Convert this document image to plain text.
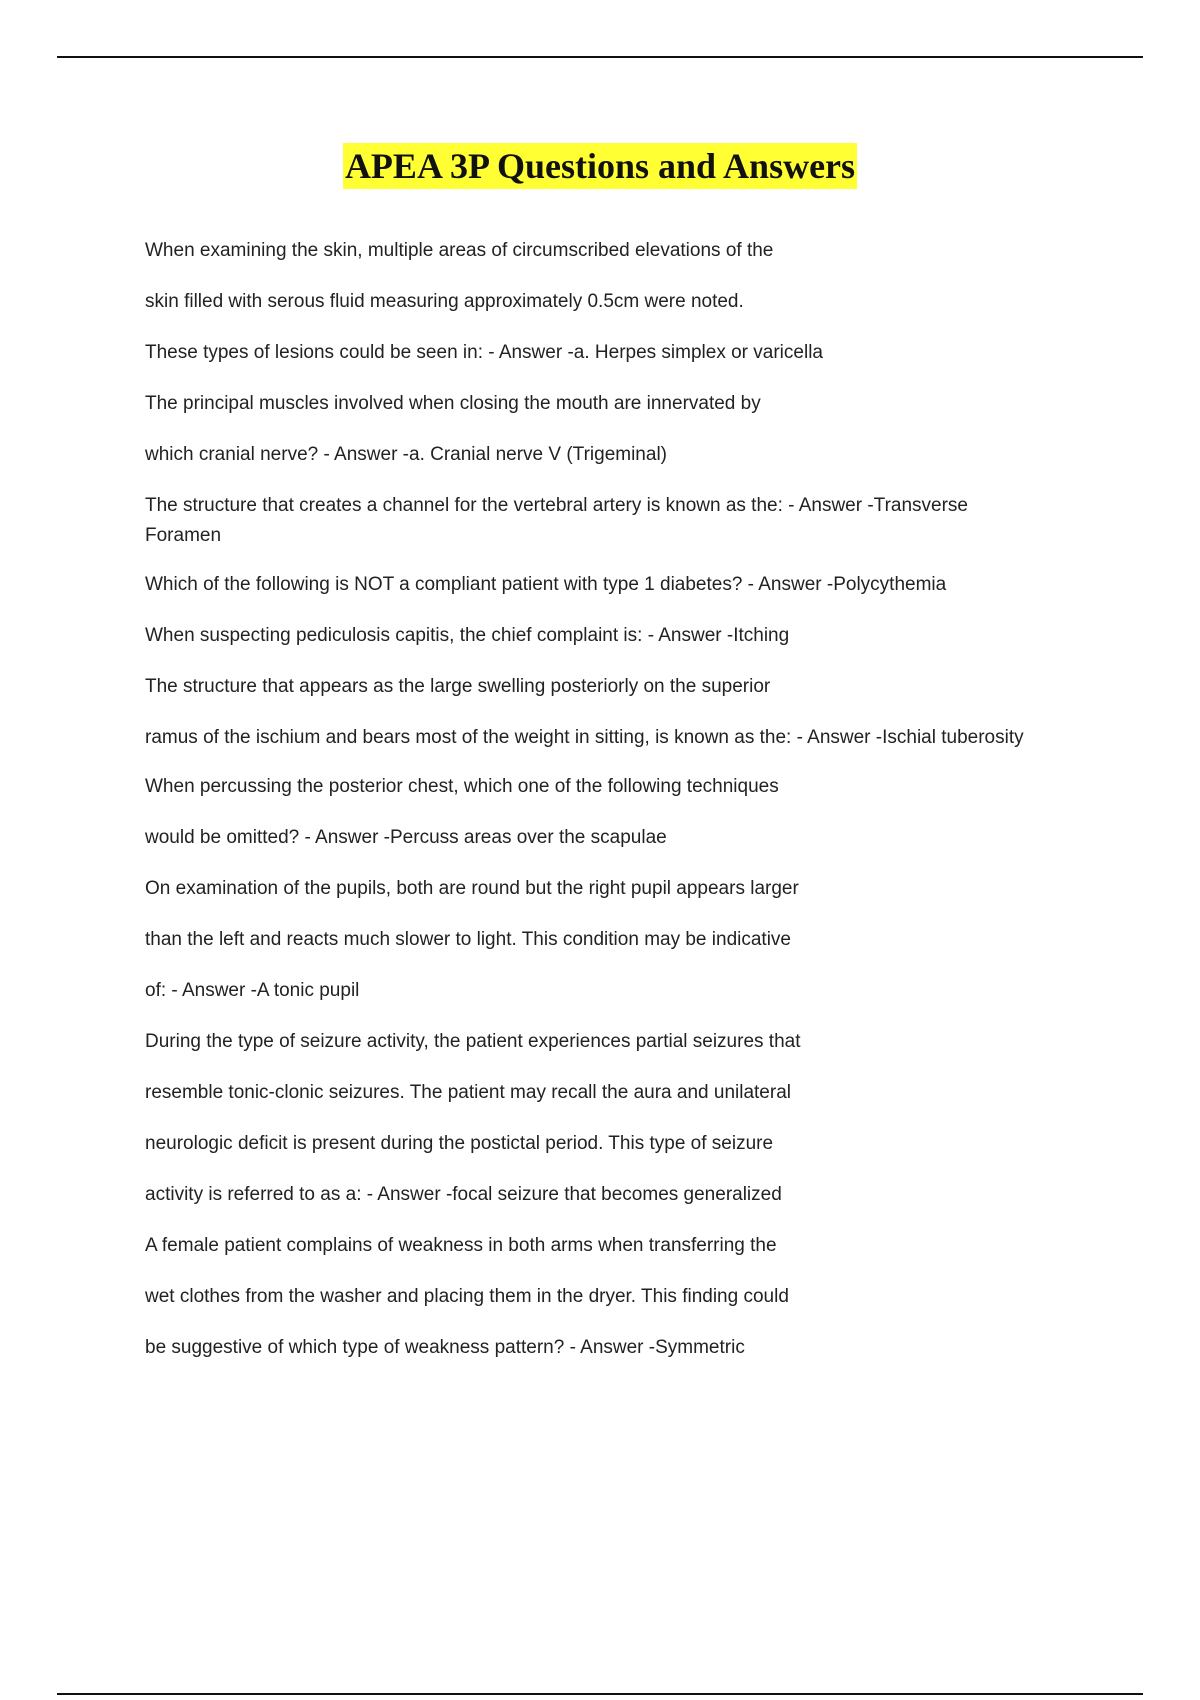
APEA 3P Questions and Answers

When examining the skin, multiple areas of circumscribed elevations of the

skin filled with serous fluid measuring approximately 0.5cm were noted.

These types of lesions could be seen in: - Answer -a. Herpes simplex or varicella

The principal muscles involved when closing the mouth are innervated by

which cranial nerve? - Answer -a. Cranial nerve V (Trigeminal)

The structure that creates a channel for the vertebral artery is known as the: - Answer -Transverse Foramen

Which of the following is NOT a compliant patient with type 1 diabetes? - Answer -Polycythemia

When suspecting pediculosis capitis, the chief complaint is: - Answer -Itching

The structure that appears as the large swelling posteriorly on the superior

ramus of the ischium and bears most of the weight in sitting, is known as the: - Answer -Ischial tuberosity

When percussing the posterior chest, which one of the following techniques

would be omitted? - Answer -Percuss areas over the scapulae

On examination of the pupils, both are round but the right pupil appears larger

than the left and reacts much slower to light. This condition may be indicative

of: - Answer -A tonic pupil

During the type of seizure activity, the patient experiences partial seizures that

resemble tonic-clonic seizures. The patient may recall the aura and unilateral

neurologic deficit is present during the postictal period. This type of seizure

activity is referred to as a: - Answer -focal seizure that becomes generalized

A female patient complains of weakness in both arms when transferring the

wet clothes from the washer and placing them in the dryer. This finding could

be suggestive of which type of weakness pattern? - Answer -Symmetric
